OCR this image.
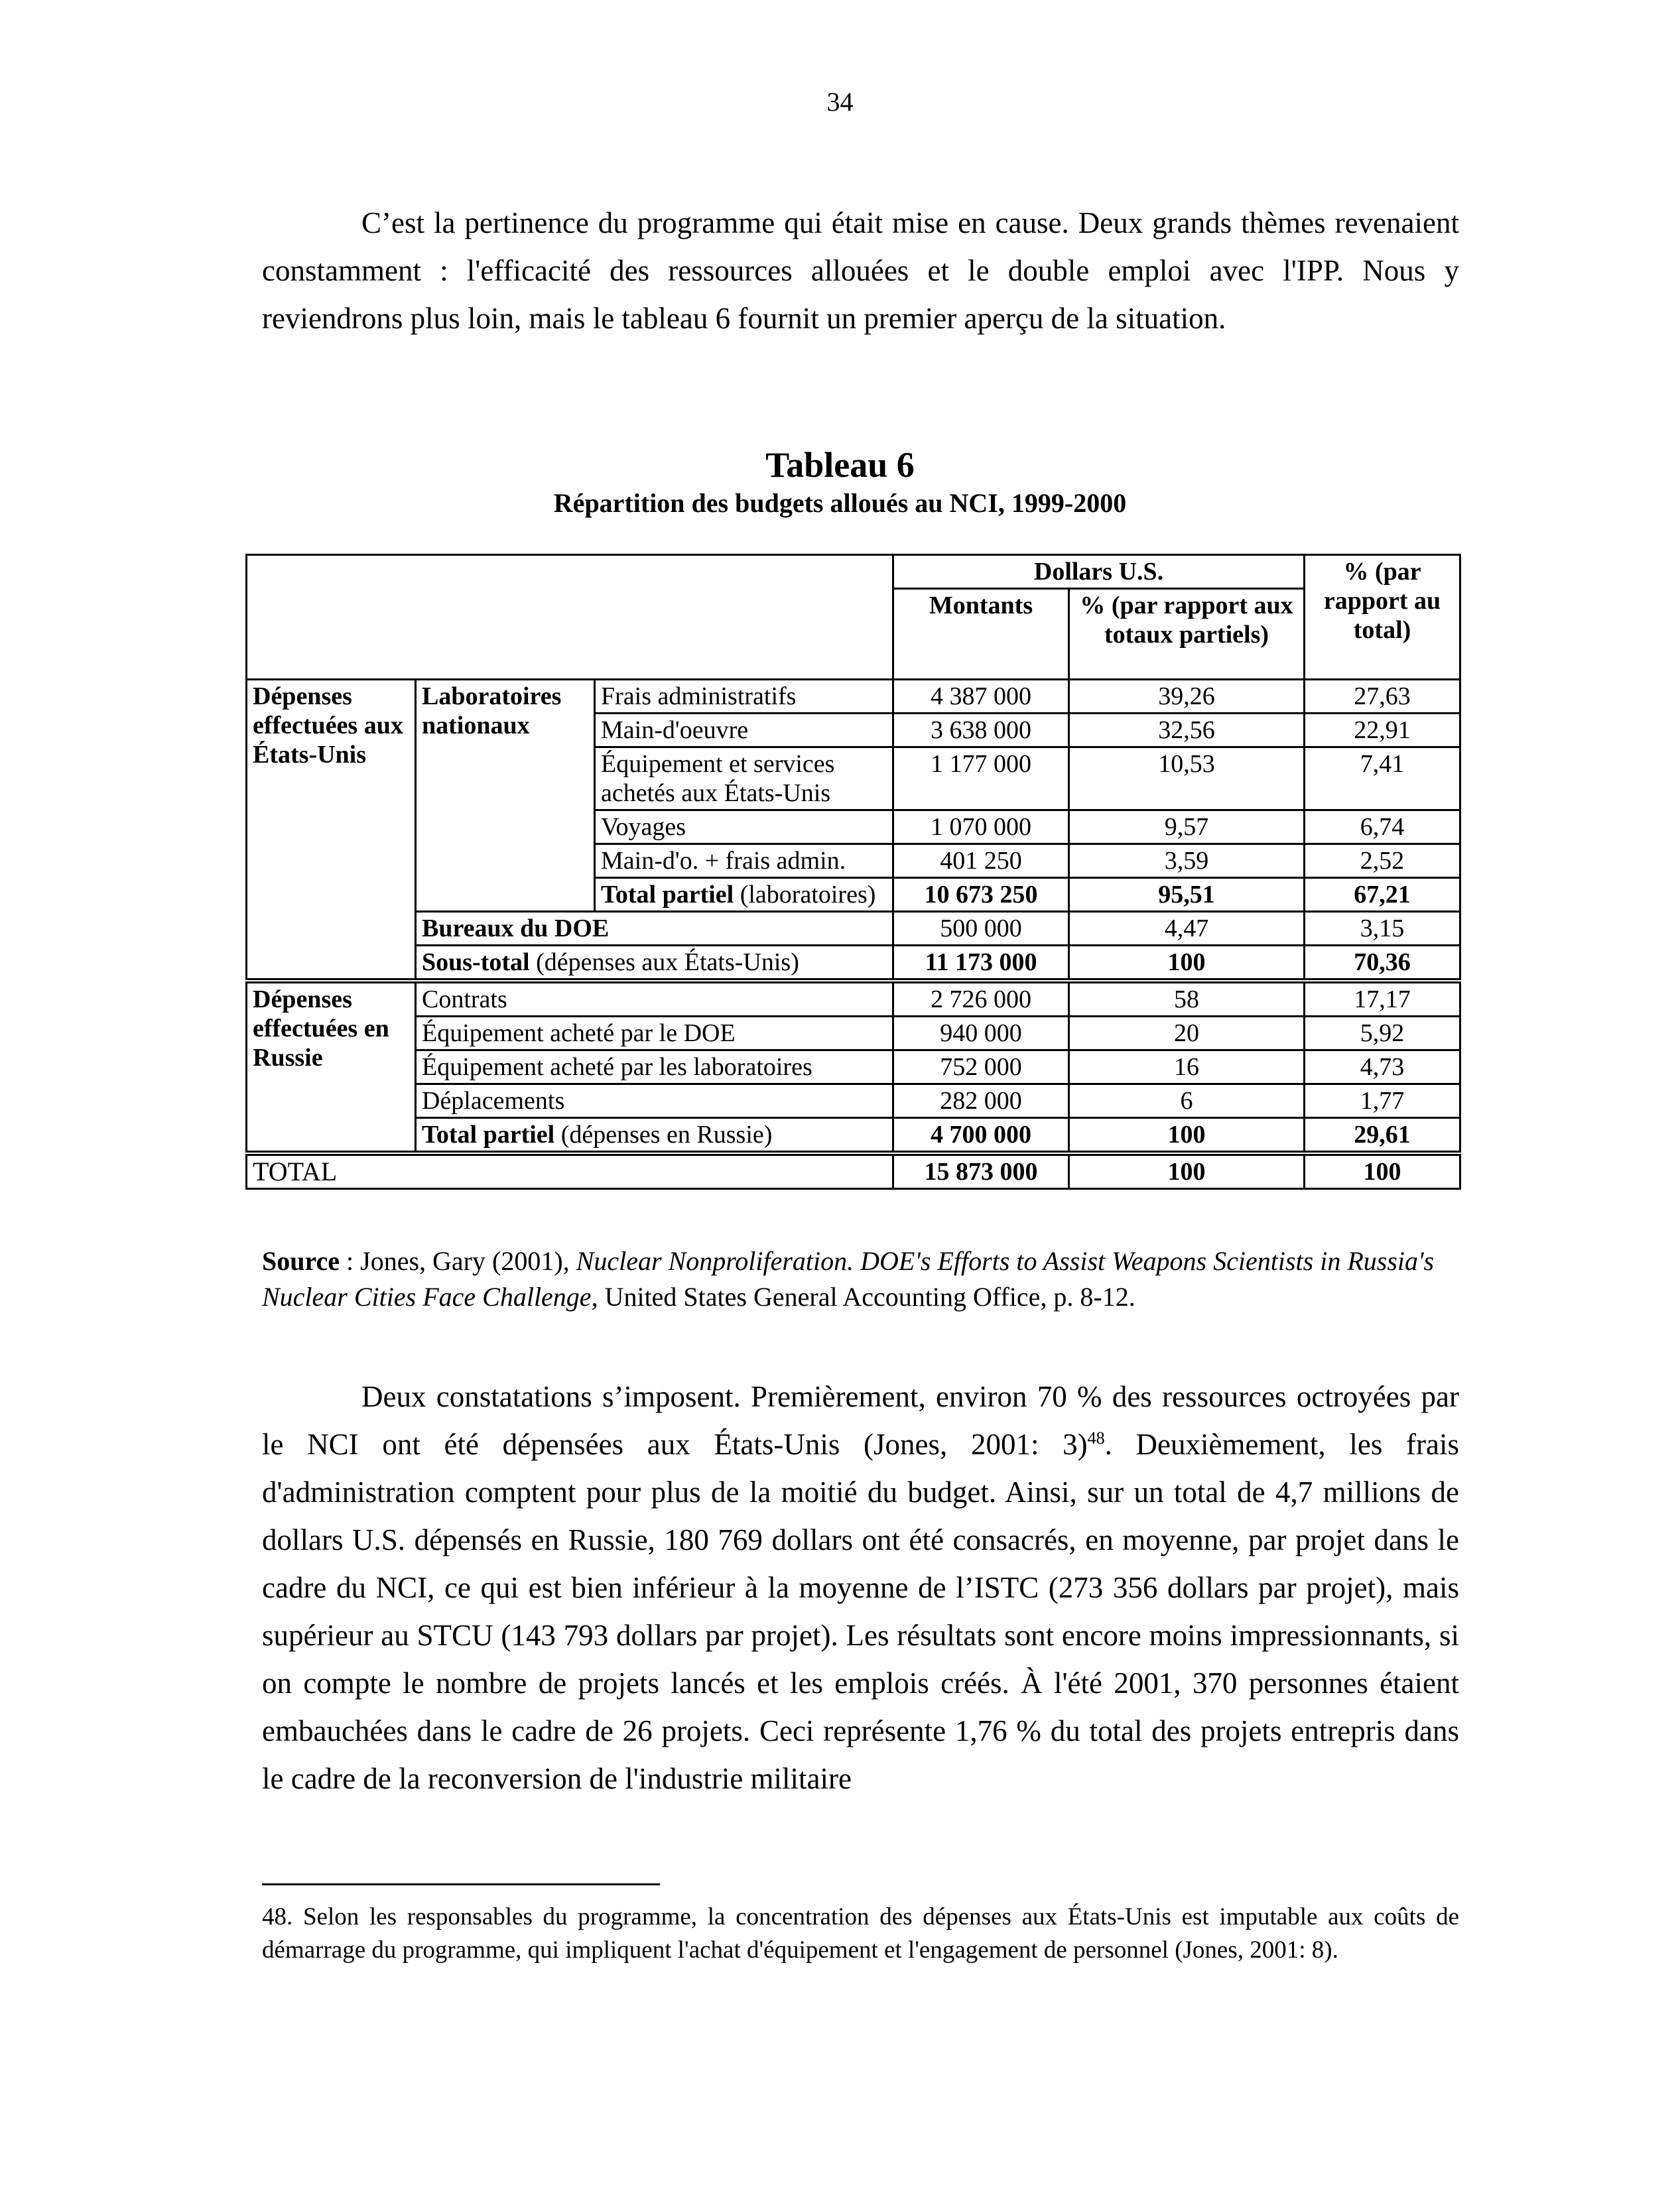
34
C’est la pertinence du programme qui était mise en cause. Deux grands thèmes revenaient constamment : l'efficacité des ressources allouées et le double emploi avec l'IPP. Nous y reviendrons plus loin, mais le tableau 6 fournit un premier aperçu de la situation.
Tableau 6
Répartition des budgets alloués au NCI, 1999-2000
			Dollars U.S.		% (par rapport au total)
			Montants	% (par rapport aux totaux partiels)	
Dépenses effectuées aux États-Unis	Laboratoires nationaux	Frais administratifs	4 387 000	39,26	27,63
		Main-d'oeuvre	3 638 000	32,56	22,91
		Équipement et services achetés aux États-Unis	1 177 000	10,53	7,41
		Voyages	1 070 000	9,57	6,74
		Main-d'o. + frais admin.	401 250	3,59	2,52
		Total partiel (laboratoires)	10 673 250	95,51	67,21
	Bureaux du DOE		500 000	4,47	3,15
	Sous-total (dépenses aux États-Unis)		11 173 000	100	70,36
Dépenses effectuées en Russie	Contrats		2 726 000	58	17,17
	Équipement acheté par le DOE		940 000	20	5,92
	Équipement acheté par les laboratoires		752 000	16	4,73
	Déplacements		282 000	6	1,77
	Total partiel (dépenses en Russie)		4 700 000	100	29,61
TOTAL			15 873 000	100	100
Source : Jones, Gary (2001), Nuclear Nonproliferation. DOE's Efforts to Assist Weapons Scientists in Russia's Nuclear Cities Face Challenge, United States General Accounting Office, p. 8-12.
Deux constatations s’imposent. Premièrement, environ 70 % des ressources octroyées par le NCI ont été dépensées aux États-Unis (Jones, 2001: 3)$^{48}$. Deuxièmement, les frais d'administration comptent pour plus de la moitié du budget. Ainsi, sur un total de 4,7 millions de dollars U.S. dépensés en Russie, 180 769 dollars ont été consacrés, en moyenne, par projet dans le cadre du NCI, ce qui est bien inférieur à la moyenne de l’ISTC (273 356 dollars par projet), mais supérieur au STCU (143 793 dollars par projet). Les résultats sont encore moins impressionnants, si on compte le nombre de projets lancés et les emplois créés. À l'été 2001, 370 personnes étaient embauchées dans le cadre de 26 projets. Ceci représente 1,76 % du total des projets entrepris dans le cadre de la reconversion de l'industrie militaire
48. Selon les responsables du programme, la concentration des dépenses aux États-Unis est imputable aux coûts de démarrage du programme, qui impliquent l'achat d'équipement et l'engagement de personnel (Jones, 2001: 8).
